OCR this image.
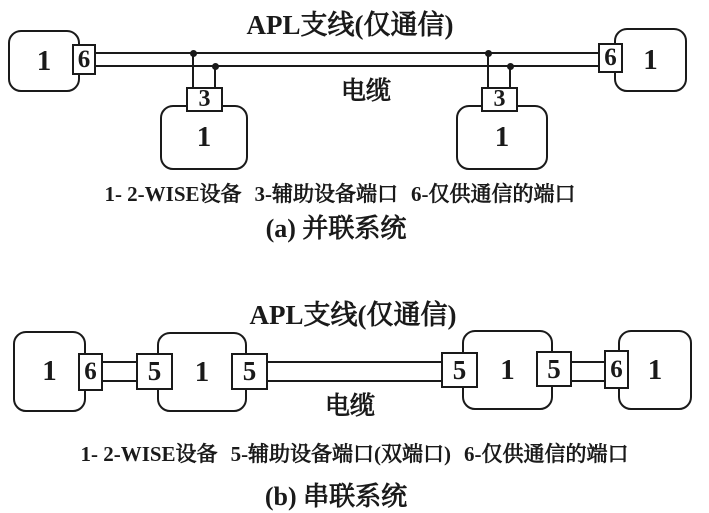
APL支线(仅通信)
1 6	1
6
1
3
1
3
电缆
1- 2-WISE设备 3-辅助设备端口 6-仅供通信的端口
(a) 并联系统
APL支线(仅通信)
1 6	1
5	5	1
5	5	1
6
电缆
1- 2-WISE设备 5-辅助设备端口(双端口) 6-仅供通信的端口
(b) 串联系统
